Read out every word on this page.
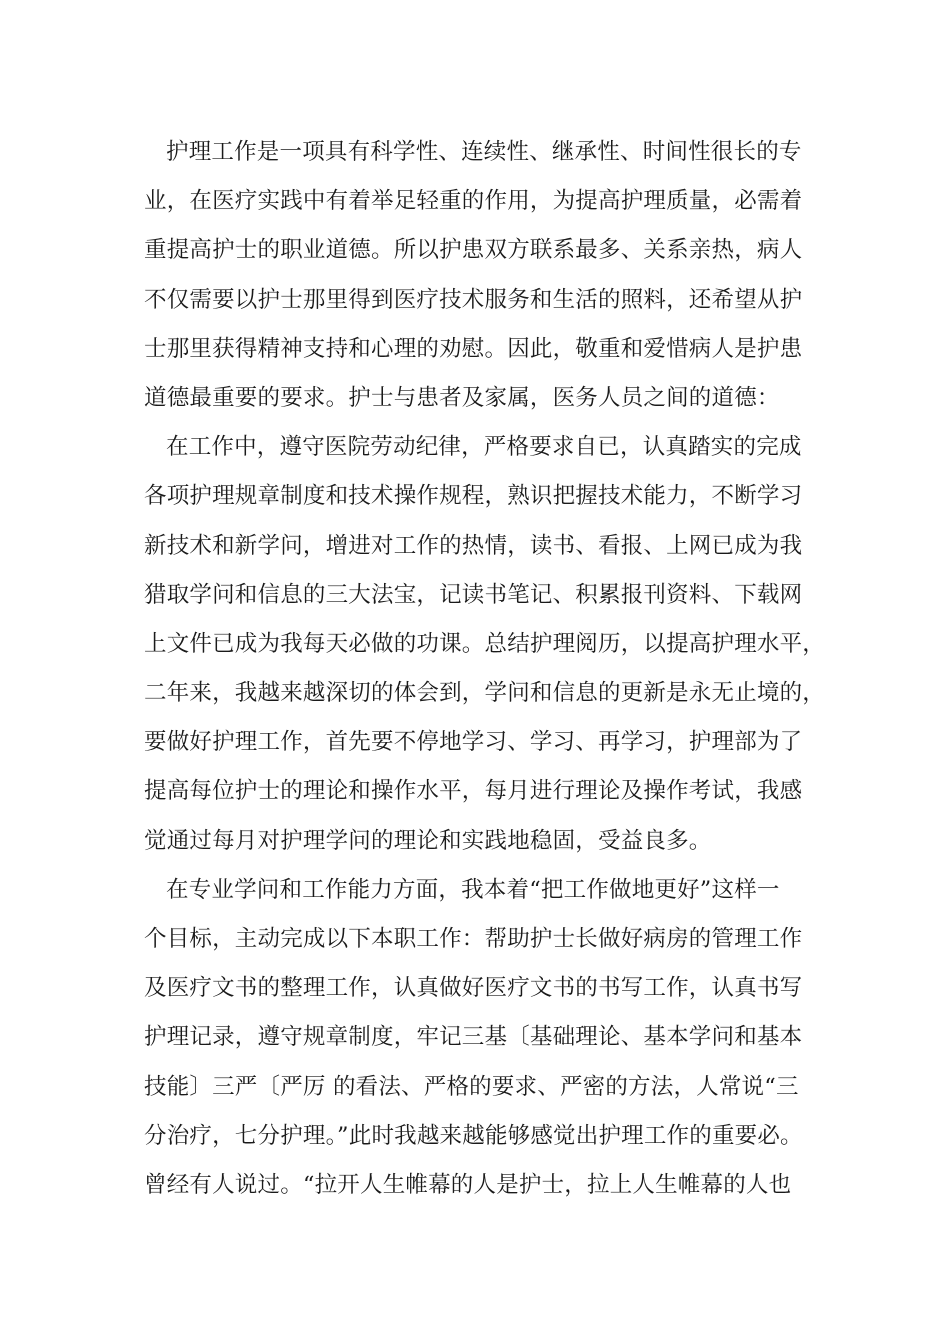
护理工作是一项具有科学性、连续性、继承性、时间性很长的专
业，在医疗实践中有着举足轻重的作用，为提高护理质量，必需着
重提高护士的职业道德。所以护患双方联系最多、关系亲热，病人
不仅需要以护士那里得到医疗技术服务和生活的照料，还希望从护
士那里获得精神支持和心理的劝慰。因此，敬重和爱惜病人是护患
道德最重要的要求。护士与患者及家属，医务人员之间的道德：
在工作中，遵守医院劳动纪律，严格要求自已，认真踏实的完成
各项护理规章制度和技术操作规程，熟识把握技术能力，不断学习
新技术和新学问，增进对工作的热情，读书、看报、上网已成为我
猎取学问和信息的三大法宝，记读书笔记、积累报刊资料、下载网
上文件已成为我每天必做的功课。总结护理阅历，以提高护理水平，
二年来，我越来越深切的体会到，学问和信息的更新是永无止境的，
要做好护理工作，首先要不停地学习、学习、再学习，护理部为了
提高每位护士的理论和操作水平，每月进行理论及操作考试，我感
觉通过每月对护理学问的理论和实践地稳固，受益良多。
在专业学问和工作能力方面，我本着“把工作做地更好”这样一
个目标，主动完成以下本职工作：帮助护士长做好病房的管理工作
及医疗文书的整理工作，认真做好医疗文书的书写工作，认真书写
护理记录，遵守规章制度，牢记三基〔基础理论、基本学问和基本
技能〕三严〔严厉 的看法、严格的要求、严密的方法，人常说“三
分治疗，七分护理。”此时我越来越能够感觉出护理工作的重要必。
曾经有人说过。“拉开人生帷幕的人是护士，拉上人生帷幕的人也
